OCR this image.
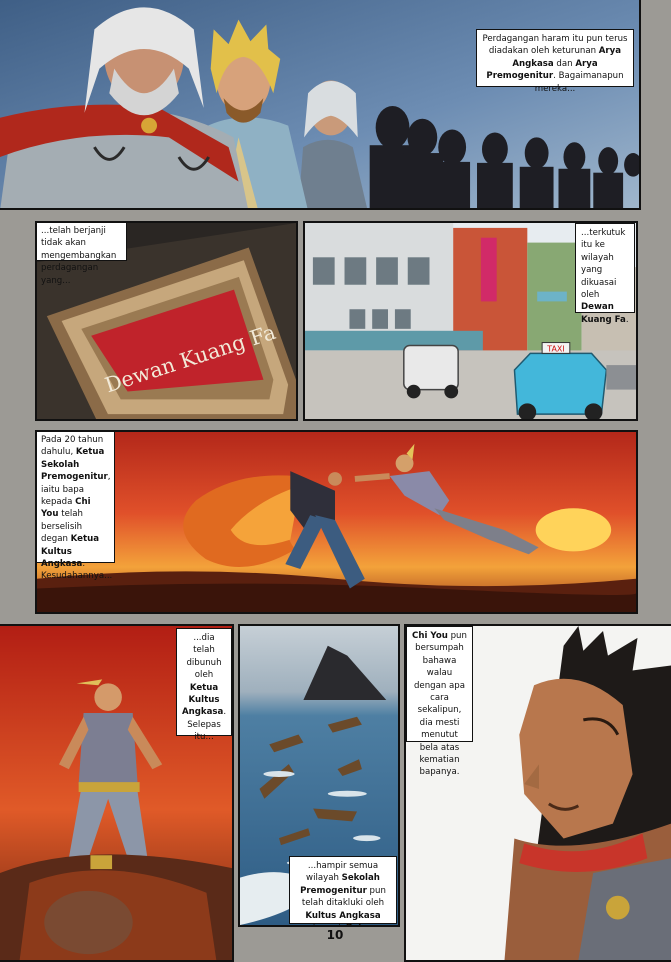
Perdagangan haram itu pun terus diadakan oleh keturunan Arya Angkasa dan Arya Premogenitur. Bagaimanapun mereka...
Dewan Kuang Fa
...telah berjanji tidak akan mengembangkan perdagangan yang...
TAXI
...terkutuk itu ke wilayah yang dikuasai oleh Dewan Kuang Fa.
Pada 20 tahun dahulu, Ketua Sekolah Premogenitur, iaitu bapa kepada Chi You telah berselisih degan Ketua Kultus Angkasa. Kesudahannya...
...dia telah dibunuh oleh Ketua Kultus Angkasa. Selepas itu...
...hampir semua wilayah Sekolah Premogenitur pun telah ditakluki oleh Kultus Angkasa
Chi You pun bersumpah bahawa walau dengan apa cara sekalipun, dia mesti menutut bela atas kematian bapanya.
10
